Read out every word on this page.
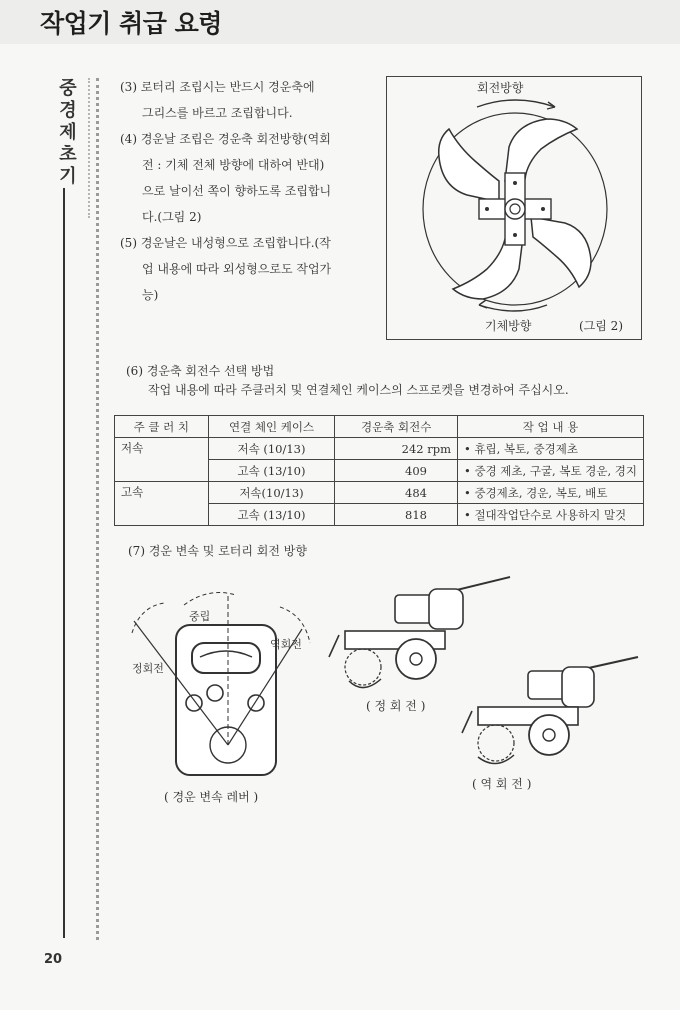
작업기 취급 요령
중경제초기
(3) 로터리 조립시는 반드시 경운축에
그리스를 바르고 조립합니다.
(4) 경운날 조립은 경운축 회전방향(역회
전 : 기체 전체 방향에 대하여 반대)
으로 날이선 쪽이 향하도록 조립합니
다.(그림 2)
(5) 경운날은 내성형으로 조립합니다.(작
업 내용에 따라 외성형으로도 작업가
능)
회전방향
기체방향	(그림 2)
(6) 경운축 회전수 선택 방법
작업 내용에 따라 주클러치 및 연결체인 케이스의 스프로켓을 변경하여 주십시오.
주 클 러 치	연결 체인 케이스	경운축 회전수	작 업 내 용
저속	저속 (10/13)	242 rpm	• 휴립, 복토, 중경제초
	고속 (13/10)	409	• 중경 제초, 구굴, 복토 경운, 경지
고속	저속(10/13)	484	• 중경제초, 경운, 복토, 배토
	고속 (13/10)	818	• 절대작업단수로 사용하지 말것
(7) 경운 변속 및 로터리 회전 방향
중립
정회전
역회전
( 경운 변속 레버 )
( 정 회 전 )
( 역 회 전 )
20
